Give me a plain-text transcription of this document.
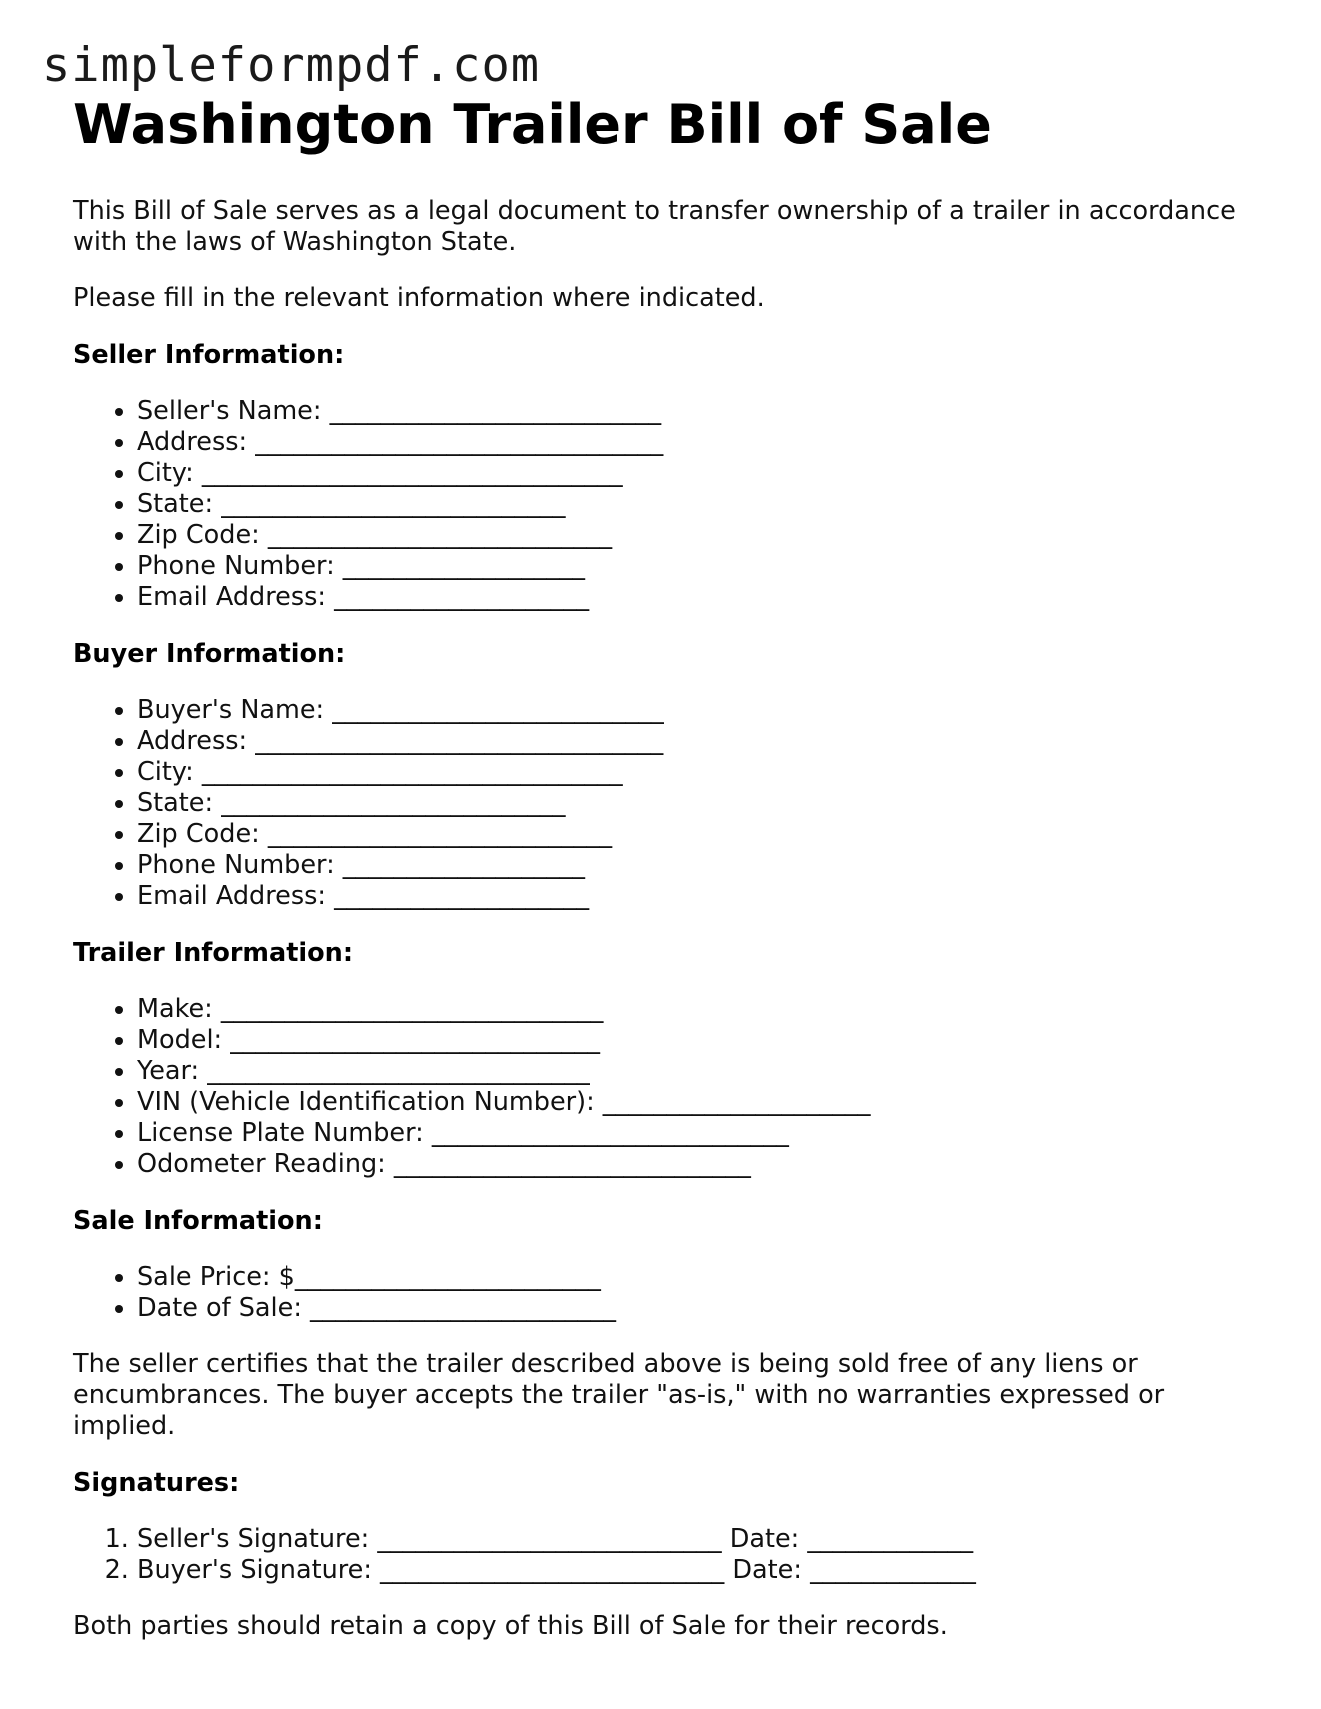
simpleformpdf.com
Washington Trailer Bill of Sale

This Bill of Sale serves as a legal document to transfer ownership of a trailer in accordance with the laws of Washington State.

Please fill in the relevant information where indicated.

Seller Information:
• Seller's Name: __________________________
• Address: ________________________________
• City: _________________________________
• State: ___________________________
• Zip Code: ___________________________
• Phone Number: ___________________
• Email Address: ____________________
Buyer Information:
• Buyer's Name: __________________________
• Address: ________________________________
• City: _________________________________
• State: ___________________________
• Zip Code: ___________________________
• Phone Number: ___________________
• Email Address: ____________________
Trailer Information:
• Make: ______________________________
• Model: _____________________________
• Year: ______________________________
• VIN (Vehicle Identification Number): _____________________
• License Plate Number: ____________________________
• Odometer Reading: ____________________________
Sale Information:
• Sale Price: $________________________
• Date of Sale: ________________________

The seller certifies that the trailer described above is being sold free of any liens or encumbrances. The buyer accepts the trailer "as-is," with no warranties expressed or implied.

Signatures:
1. Seller's Signature: ___________________________ Date: _____________
2. Buyer's Signature: ___________________________ Date: _____________

Both parties should retain a copy of this Bill of Sale for their records.
